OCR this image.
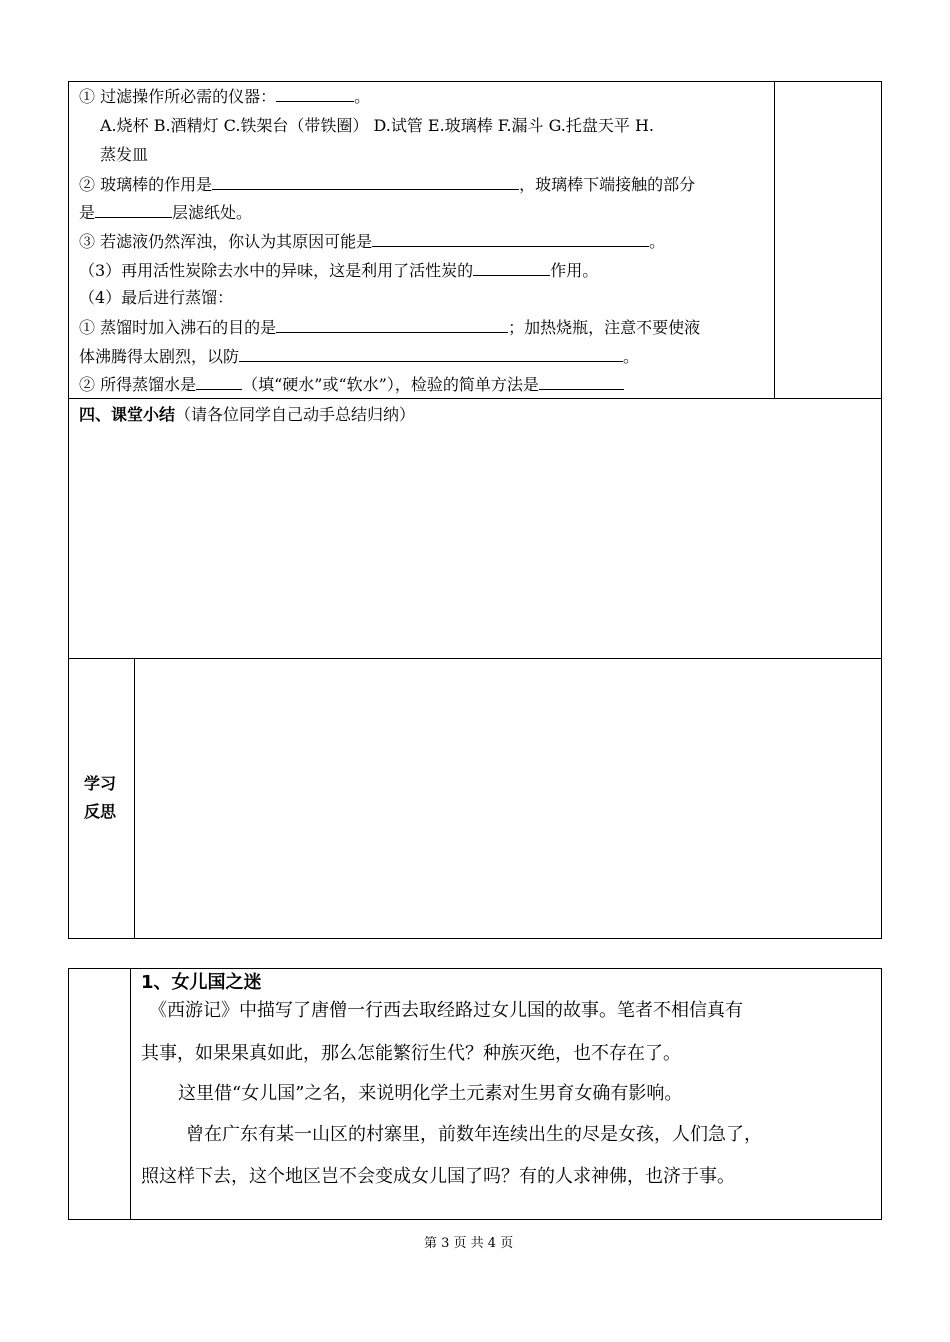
① 过滤操作所必需的仪器：	。
A.烧杯 B.酒精灯 C.铁架台（带铁圈） D.试管 E.玻璃棒 F.漏斗 G.托盘天平 H.
蒸发皿
② 玻璃棒的作用是	，玻璃棒下端接触的部分
是	层滤纸处。
③ 若滤液仍然浑浊，你认为其原因可能是	。
（3）再用活性炭除去水中的异味，这是利用了活性炭的	作用。
（4）最后进行蒸馏：
① 蒸馏时加入沸石的目的是	；加热烧瓶，注意不要使液
体沸腾得太剧烈，以防	。
② 所得蒸馏水是	（填“硬水”或“软水”），检验的简单方法是
四、课堂小结（请各位同学自己动手总结归纳）
学习
反思
1、女儿国之迷
《西游记》中描写了唐僧一行西去取经路过女儿国的故事。笔者不相信真有
其事，如果果真如此，那么怎能繁衍生代？种族灭绝，也不存在了。
这里借“女儿国”之名，来说明化学土元素对生男育女确有影响。
曾在广东有某一山区的村寨里，前数年连续出生的尽是女孩，人们急了，
照这样下去，这个地区岂不会变成女儿国了吗？有的人求神佛，也济于事。
第 3 页 共 4 页
